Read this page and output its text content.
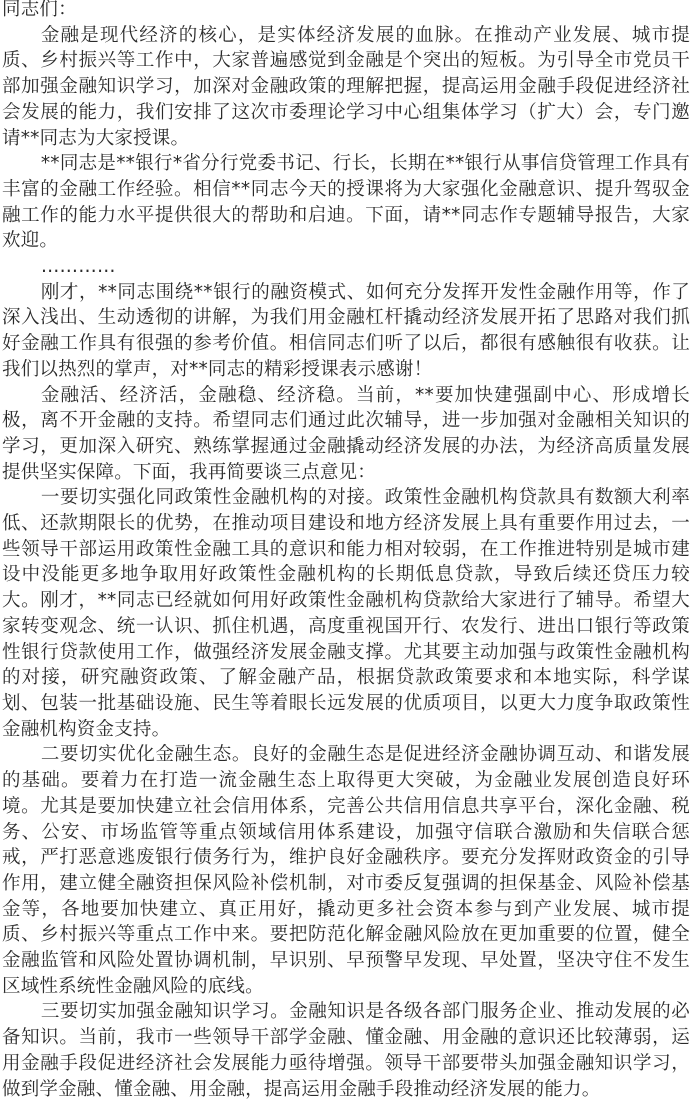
同志们：

金融是现代经济的核心，是实体经济发展的血脉。在推动产业发展、城市提质、乡村振兴等工作中，大家普遍感觉到金融是个突出的短板。为引导全市党员干部加强金融知识学习，加深对金融政策的理解把握，提高运用金融手段促进经济社会发展的能力，我们安排了这次市委理论学习中心组集体学习（扩大）会，专门邀请**同志为大家授课。

**同志是**银行*省分行党委书记、行长，长期在**银行从事信贷管理工作具有丰富的金融工作经验。相信**同志今天的授课将为大家强化金融意识、提升驾驭金融工作的能力水平提供很大的帮助和启迪。下面，请**同志作专题辅导报告，大家欢迎。

…………

刚才，**同志围绕**银行的融资模式、如何充分发挥开发性金融作用等，作了深入浅出、生动透彻的讲解，为我们用金融杠杆撬动经济发展开拓了思路对我们抓好金融工作具有很强的参考价值。相信同志们听了以后，都很有感触很有收获。让我们以热烈的掌声，对**同志的精彩授课表示感谢！

金融活、经济活，金融稳、经济稳。当前，**要加快建强副中心、形成增长极，离不开金融的支持。希望同志们通过此次辅导，进一步加强对金融相关知识的学习，更加深入研究、熟练掌握通过金融撬动经济发展的办法，为经济高质量发展提供坚实保障。下面，我再简要谈三点意见：

一要切实强化同政策性金融机构的对接。政策性金融机构贷款具有数额大利率低、还款期限长的优势，在推动项目建设和地方经济发展上具有重要作用过去，一些领导干部运用政策性金融工具的意识和能力相对较弱，在工作推进特别是城市建设中没能更多地争取用好政策性金融机构的长期低息贷款，导致后续还贷压力较大。刚才，**同志已经就如何用好政策性金融机构贷款给大家进行了辅导。希望大家转变观念、统一认识、抓住机遇，高度重视国开行、农发行、进出口银行等政策性银行贷款使用工作，做强经济发展金融支撑。尤其要主动加强与政策性金融机构的对接，研究融资政策、了解金融产品，根据贷款政策要求和本地实际，科学谋划、包装一批基础设施、民生等着眼长远发展的优质项目，以更大力度争取政策性金融机构资金支持。

二要切实优化金融生态。良好的金融生态是促进经济金融协调互动、和谐发展的基础。要着力在打造一流金融生态上取得更大突破，为金融业发展创造良好环境。尤其是要加快建立社会信用体系，完善公共信用信息共享平台，深化金融、税务、公安、市场监管等重点领域信用体系建设，加强守信联合激励和失信联合惩戒，严打恶意逃废银行债务行为，维护良好金融秩序。要充分发挥财政资金的引导作用，建立健全融资担保风险补偿机制，对市委反复强调的担保基金、风险补偿基金等，各地要加快建立、真正用好，撬动更多社会资本参与到产业发展、城市提质、乡村振兴等重点工作中来。要把防范化解金融风险放在更加重要的位置，健全金融监管和风险处置协调机制，早识别、早预警早发现、早处置，坚决守住不发生区域性系统性金融风险的底线。

三要切实加强金融知识学习。金融知识是各级各部门服务企业、推动发展的必备知识。当前，我市一些领导干部学金融、懂金融、用金融的意识还比较薄弱，运用金融手段促进经济社会发展能力亟待增强。领导干部要带头加强金融知识学习，做到学金融、懂金融、用金融，提高运用金融手段推动经济发展的能力。
